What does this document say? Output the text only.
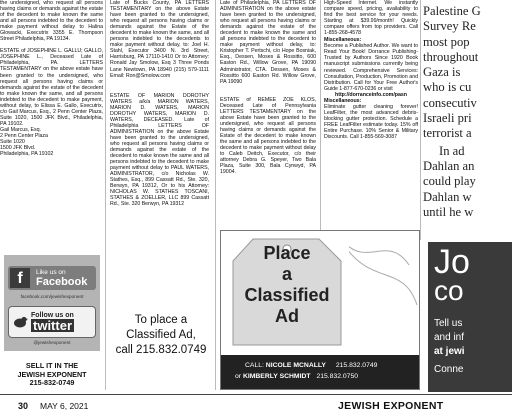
the undersigned, who request all persons having claims or demands against the estate of the decedent to make known the same and all persons indebted to the decedent to make payment without delay to Halina Glowacki, Executrix 3355 E. Thompson Street Philadelphia, PA 19134.

ESTATE of JOSEPHINE L. GALLU; GALLO, JOSEPHINE L., Deceased Late of Philadelphia, PA. LETTERS TESTAMENTARY on the above estate have been granted to the undersigned, who request all persons having claims or demands against the estate of the decedent to make known the same, and all persons indebted to the decedent to make payment, without delay, to Elissa E. Gallo, Executrix, c/o Gail Marcus, Esq., 2 Penn Center Plaza, Suite 1020, 1500 JFK Blvd., Philadelphia, PA 19102.

Gail Marcus, Esq.
2 Penn Center Plaza
Suite 1020
1500 JFK Blvd.
Philadelphia, PA 19102
f	Like us on
Facebook
facebook.com/jewishexponent
Follow us on
twitter
@jewishexponent
SELL IT IN THE
JEWISH EXPONENT
215-832-0749

Late of Bucks County, PA LETTERS TESTAMENTARY on the above Estate have been granted to the undersigned, who request all persons having claims or demands against the Estate of the decedent to make known the same, and all persons indebted to the decedents to make payment without delay, to: Joel H. Stahl, Executor 3400 N. 3rd Street, Harrisburg, PA 17110-1410 Or to Attorney: Ronald Jay Smolow, Esq 3 Three Ponds Lane Newtown, PA 18940 (215) 579-1111 Email: Ron@Smolow.com

ESTATE OF MARION DOROTHY WATERS a/k/a MARION WATERS, MARION D. WATERS, MARION DOROTHY WATERS, MARION D. WATERS, DECEASED. Late of Philadelphia LETTERS OF ADMINISTRATION on the above Estate have been granted to the undersigned, who request all persons having claims or demands against the estate of the decedent to make known the same and all persons indebted to the decedent to make payment without delay to PAUL WATERS, ADMINISTRATOR, c/o Nicholas W. Stathes, Esq., 899 Cassatt Rd., Ste. 320, Berwyn, PA 19312, Or to his Attorney: NICHOLAS W. STATHES TOSCANI, STATHES & ZOELLER, LLC 899 Cassatt Rd., Ste. 320 Berwyn, PA 19312

To place a
Classified Ad,
call 215.832.0749

Late of Philadelphia, PA LETTERS OF ADMINISTRATION on the above estate have been granted to the undersigned, who request all persons having claims or demands against the estate of the decedent to make known the same and all persons indebted to the decedent to make payment without delay, to: Kristopher T. Pertschi, c/o Hope Bosniak, Esq., Dessen, Moses & Rossitto, 600 Easton Rd., Willow Grove, PA 19090 Administrator, CTA. Dessen, Moses & Rossitto 600 Easton Rd. Willow Grove, PA 19090

ESTATE of REMEE ZOE KLOS, Deceased Late of Pennsylvania LETTERS TESTAMENTARY on the above Estate have been granted to the undersigned, who request all persons having claims or demands against the Estate of the decedent to make known the same and all persons indebted to the decedent to make payment without delay to Caleb Deitch, Executor, c/o their attorney Debra G. Speyer, Two Bala Plaza, Suite 300, Bala Cynwyd, PA 19004.

High-Speed Internet. We instantly compare speed, pricing, availability to find the best service for your needs. Starting at $39.99/month! Quickly compare offers from top providers. Call 1-855-268-4578

Miscellaneous:

Become a Published Author. We want to Read Your Book! Dorrance Publishing-Trusted by Authors Since 1920 Book manuscript submissions currently being reviewed. Comprehensive Services: Consultation, Production, Promotion and Distribution. Call for Your Free Author's Guide 1-877-670-0236 or visit

http://dorranceinfo.com/pasn
Miscellaneous:

Eliminate gutter cleaning forever! LeafFilter, the most advanced debris-blocking gutter protection. Schedule a FREE LeafFilter estimate today. 15% off Entire Purchase. 10% Senior & Military Discounts. Call 1-855-569-3087

Place
a
Classified
Ad
CALL: NICOLE MCNALLY 215.832.0749
or KIMBERLY SCHMIDT 215.832.0750
Palestine G
Survey Re
most pop
throughout
Gaza is
who is cu
consecutiv
Israeli pri
terrorist a
In ad
Dahlan an
could play
Dahlan w
until he w
Jo
co
Tell us
and inf
at jewi
Conne
30 MAY 6, 2021	JEWISH EXPONENT
